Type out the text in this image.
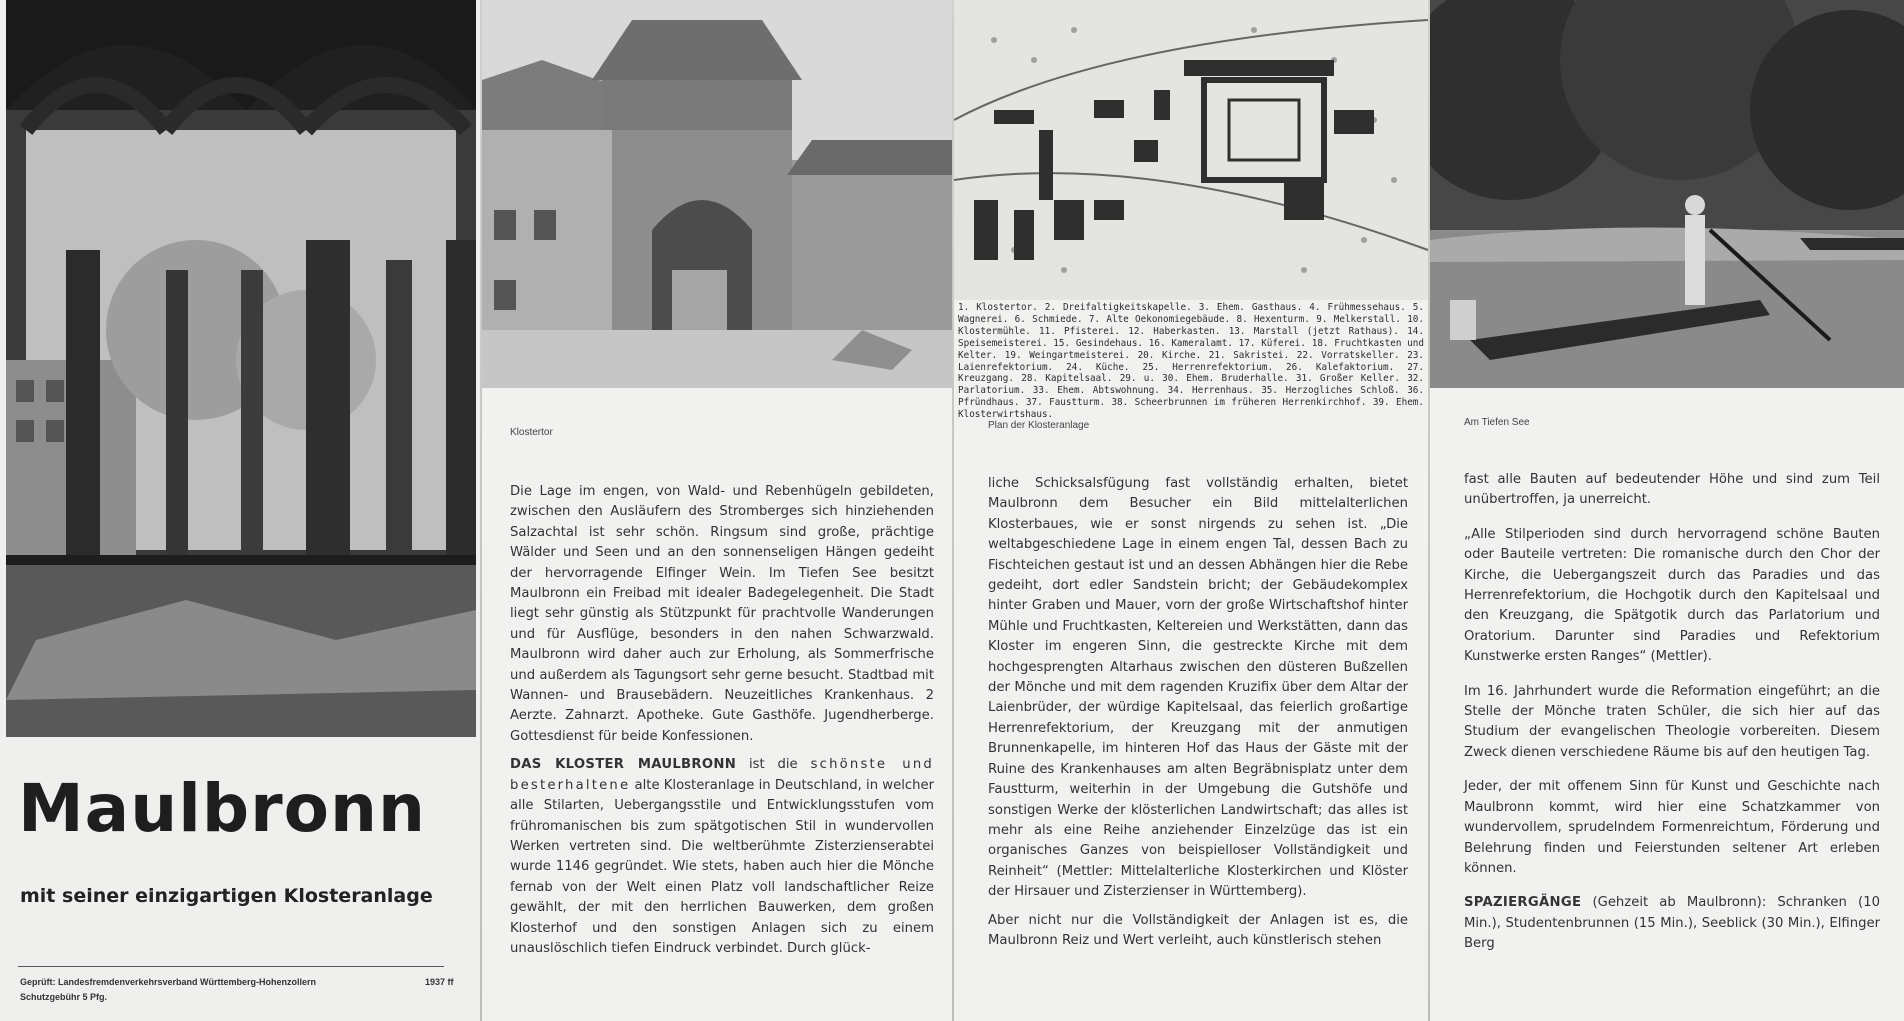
Maulbronn
mit seiner einzigartigen Klosteranlage
Geprüft: Landesfremdenverkehrsverband Württemberg-Hohenzollern
Schutzgebühr 5 Pfg.
1937 ff
Klostertor

Die Lage im engen, von Wald- und Rebenhügeln gebildeten, zwischen den Ausläufern des Stromberges sich hinziehenden Salzachtal ist sehr schön. Ringsum sind große, prächtige Wälder und Seen und an den sonnenseligen Hängen gedeiht der hervorragende Elfinger Wein. Im Tiefen See besitzt Maulbronn ein Freibad mit idealer Badegelegenheit. Die Stadt liegt sehr günstig als Stützpunkt für prachtvolle Wanderungen und für Ausflüge, besonders in den nahen Schwarzwald. Maulbronn wird daher auch zur Erholung, als Sommerfrische und außerdem als Tagungsort sehr gerne besucht. Stadtbad mit Wannen- und Brausebädern. Neuzeitliches Krankenhaus. 2 Aerzte. Zahnarzt. Apotheke. Gute Gasthöfe. Jugendherberge. Gottesdienst für beide Konfessionen.

DAS KLOSTER MAULBRONN ist die schönste und besterhaltene alte Klosteranlage in Deutschland, in welcher alle Stilarten, Uebergangsstile und Entwicklungsstufen vom frühromanischen bis zum spätgotischen Stil in wundervollen Werken vertreten sind. Die weltberühmte Zisterzienserabtei wurde 1146 gegründet. Wie stets, haben auch hier die Mönche fernab von der Welt einen Platz voll landschaftlicher Reize gewählt, der mit den herrlichen Bauwerken, dem großen Klosterhof und den sonstigen Anlagen sich zu einem unauslöschlich tiefen Eindruck verbindet. Durch glück-

1. Klostertor. 2. Dreifaltigkeitskapelle. 3. Ehem. Gasthaus. 4. Frühmessehaus. 5. Wagnerei. 6. Schmiede. 7. Alte Oekonomiegebäude. 8. Hexenturm. 9. Melkerstall. 10. Klostermühle. 11. Pfisterei. 12. Haberkasten. 13. Marstall (jetzt Rathaus). 14. Speisemeisterei. 15. Gesindehaus. 16. Kameralamt. 17. Küferei. 18. Fruchtkasten und Kelter. 19. Weingartmeisterei. 20. Kirche. 21. Sakristei. 22. Vorratskeller. 23. Laienrefektorium. 24. Küche. 25. Herrenrefektorium. 26. Kalefaktorium. 27. Kreuzgang. 28. Kapitelsaal. 29. u. 30. Ehem. Bruderhalle. 31. Großer Keller. 32. Parlatorium. 33. Ehem. Abtswohnung. 34. Herrenhaus. 35. Herzogliches Schloß. 36. Pfründhaus. 37. Faustturm. 38. Scheerbrunnen im früheren Herrenkirchhof. 39. Ehem. Klosterwirtshaus.
Plan der Klosteranlage

liche Schicksalsfügung fast vollständig erhalten, bietet Maulbronn dem Besucher ein Bild mittelalterlichen Klosterbaues, wie er sonst nirgends zu sehen ist. „Die weltabgeschiedene Lage in einem engen Tal, dessen Bach zu Fischteichen gestaut ist und an dessen Abhängen hier die Rebe gedeiht, dort edler Sandstein bricht; der Gebäudekomplex hinter Graben und Mauer, vorn der große Wirtschaftshof hinter Mühle und Fruchtkasten, Keltereien und Werkstätten, dann das Kloster im engeren Sinn, die gestreckte Kirche mit dem hochgesprengten Altarhaus zwischen den düsteren Bußzellen der Mönche und mit dem ragenden Kruzifix über dem Altar der Laienbrüder, der würdige Kapitelsaal, das feierlich großartige Herrenrefektorium, der Kreuzgang mit der anmutigen Brunnenkapelle, im hinteren Hof das Haus der Gäste mit der Ruine des Krankenhauses am alten Begräbnisplatz unter dem Faustturm, weiterhin in der Umgebung die Gutshöfe und sonstigen Werke der klösterlichen Landwirtschaft; das alles ist mehr als eine Reihe anziehender Einzelzüge das ist ein organisches Ganzes von beispielloser Vollständigkeit und Reinheit“ (Mettler: Mittelalterliche Klosterkirchen und Klöster der Hirsauer und Zisterzienser in Württemberg).

Aber nicht nur die Vollständigkeit der Anlagen ist es, die Maulbronn Reiz und Wert verleiht, auch künstlerisch stehen

Am Tiefen See

fast alle Bauten auf bedeutender Höhe und sind zum Teil unübertroffen, ja unerreicht.

„Alle Stilperioden sind durch hervorragend schöne Bauten oder Bauteile vertreten: Die romanische durch den Chor der Kirche, die Uebergangszeit durch das Paradies und das Herrenrefektorium, die Hochgotik durch den Kapitelsaal und den Kreuzgang, die Spätgotik durch das Parlatorium und Oratorium. Darunter sind Paradies und Refektorium Kunstwerke ersten Ranges“ (Mettler).

Im 16. Jahrhundert wurde die Reformation eingeführt; an die Stelle der Mönche traten Schüler, die sich hier auf das Studium der evangelischen Theologie vorbereiten. Diesem Zweck dienen verschiedene Räume bis auf den heutigen Tag.

Jeder, der mit offenem Sinn für Kunst und Geschichte nach Maulbronn kommt, wird hier eine Schatzkammer von wundervollem, sprudelndem Formenreichtum, Förderung und Belehrung finden und Feierstunden seltener Art erleben können.

SPAZIERGÄNGE (Gehzeit ab Maulbronn): Schranken (10 Min.), Studentenbrunnen (15 Min.), Seeblick (30 Min.), Elfinger Berg
